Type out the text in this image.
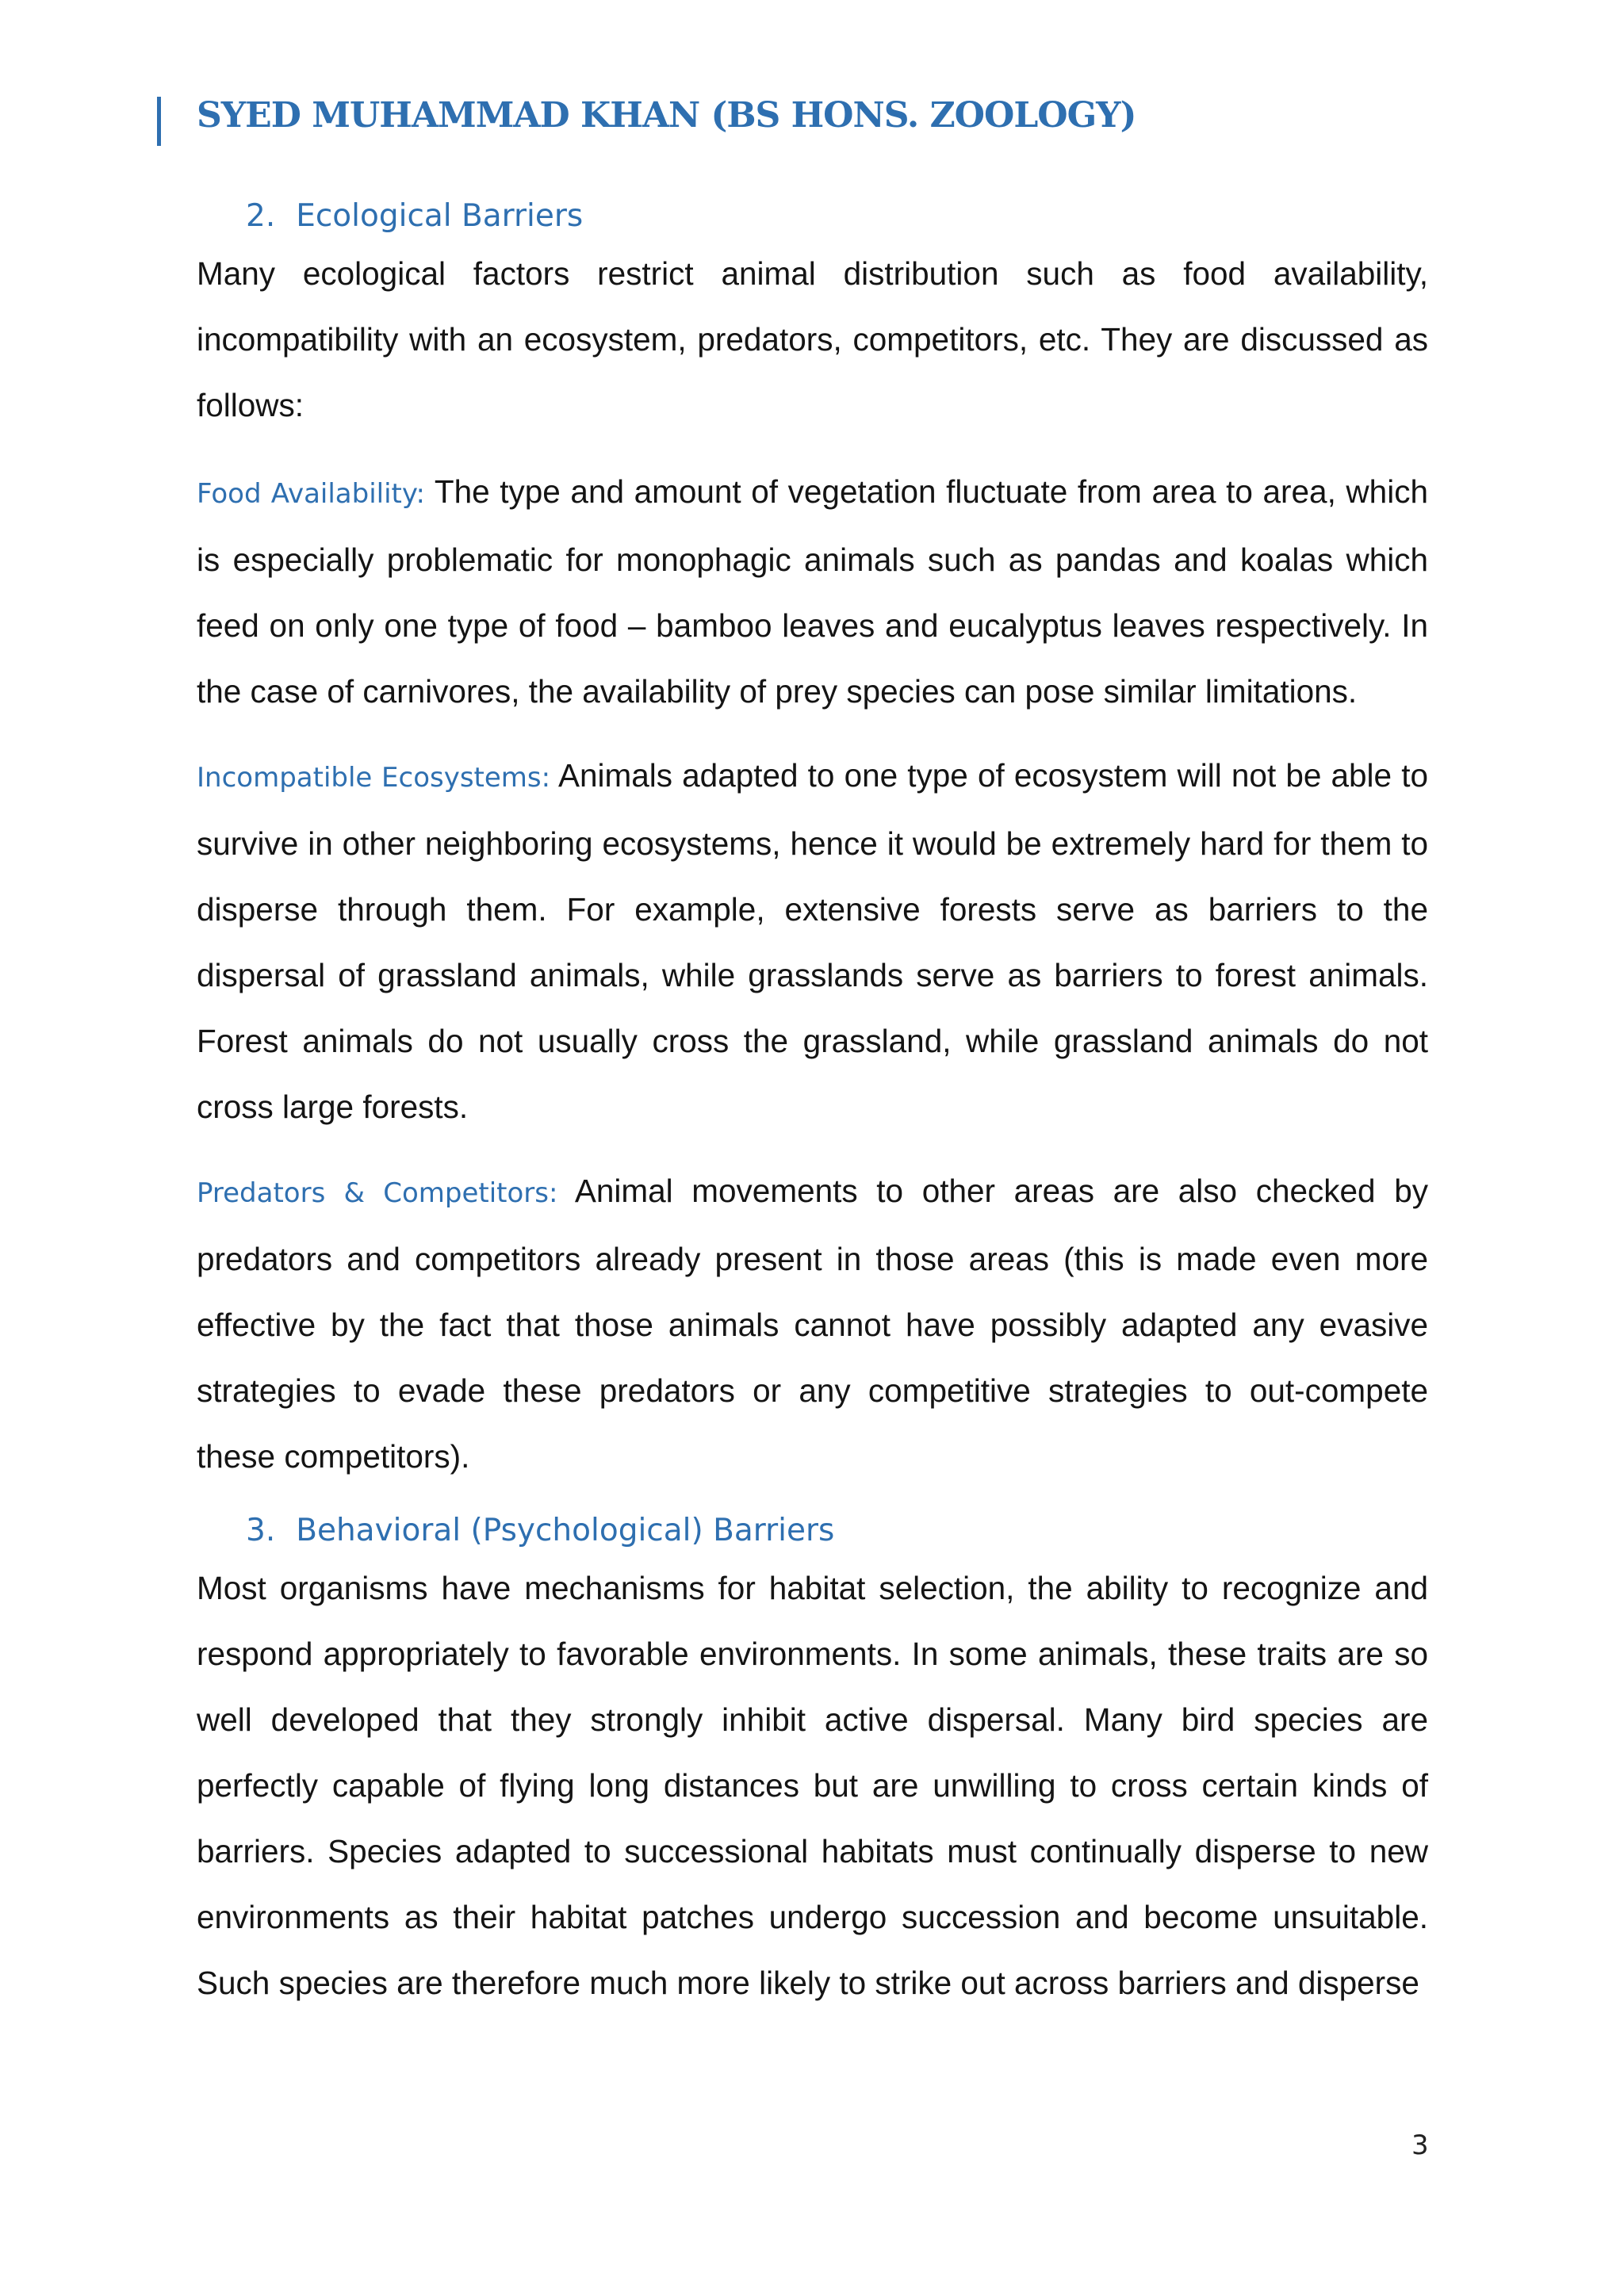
SYED MUHAMMAD KHAN (BS HONS. ZOOLOGY)
2. Ecological Barriers

Many ecological factors restrict animal distribution such as food availability, incompatibility with an ecosystem, predators, competitors, etc. They are discussed as follows:

Food Availability: The type and amount of vegetation fluctuate from area to area, which is especially problematic for monophagic animals such as pandas and koalas which feed on only one type of food – bamboo leaves and eucalyptus leaves respectively. In the case of carnivores, the availability of prey species can pose similar limitations.

Incompatible Ecosystems: Animals adapted to one type of ecosystem will not be able to survive in other neighboring ecosystems, hence it would be extremely hard for them to disperse through them. For example, extensive forests serve as barriers to the dispersal of grassland animals, while grasslands serve as barriers to forest animals. Forest animals do not usually cross the grassland, while grassland animals do not cross large forests.

Predators & Competitors: Animal movements to other areas are also checked by predators and competitors already present in those areas (this is made even more effective by the fact that those animals cannot have possibly adapted any evasive strategies to evade these predators or any competitive strategies to out-compete these competitors).

3. Behavioral (Psychological) Barriers

Most organisms have mechanisms for habitat selection, the ability to recognize and respond appropriately to favorable environments. In some animals, these traits are so well developed that they strongly inhibit active dispersal. Many bird species are perfectly capable of flying long distances but are unwilling to cross certain kinds of barriers. Species adapted to successional habitats must continually disperse to new environments as their habitat patches undergo succession and become unsuitable. Such species are therefore much more likely to strike out across barriers and disperse

3
